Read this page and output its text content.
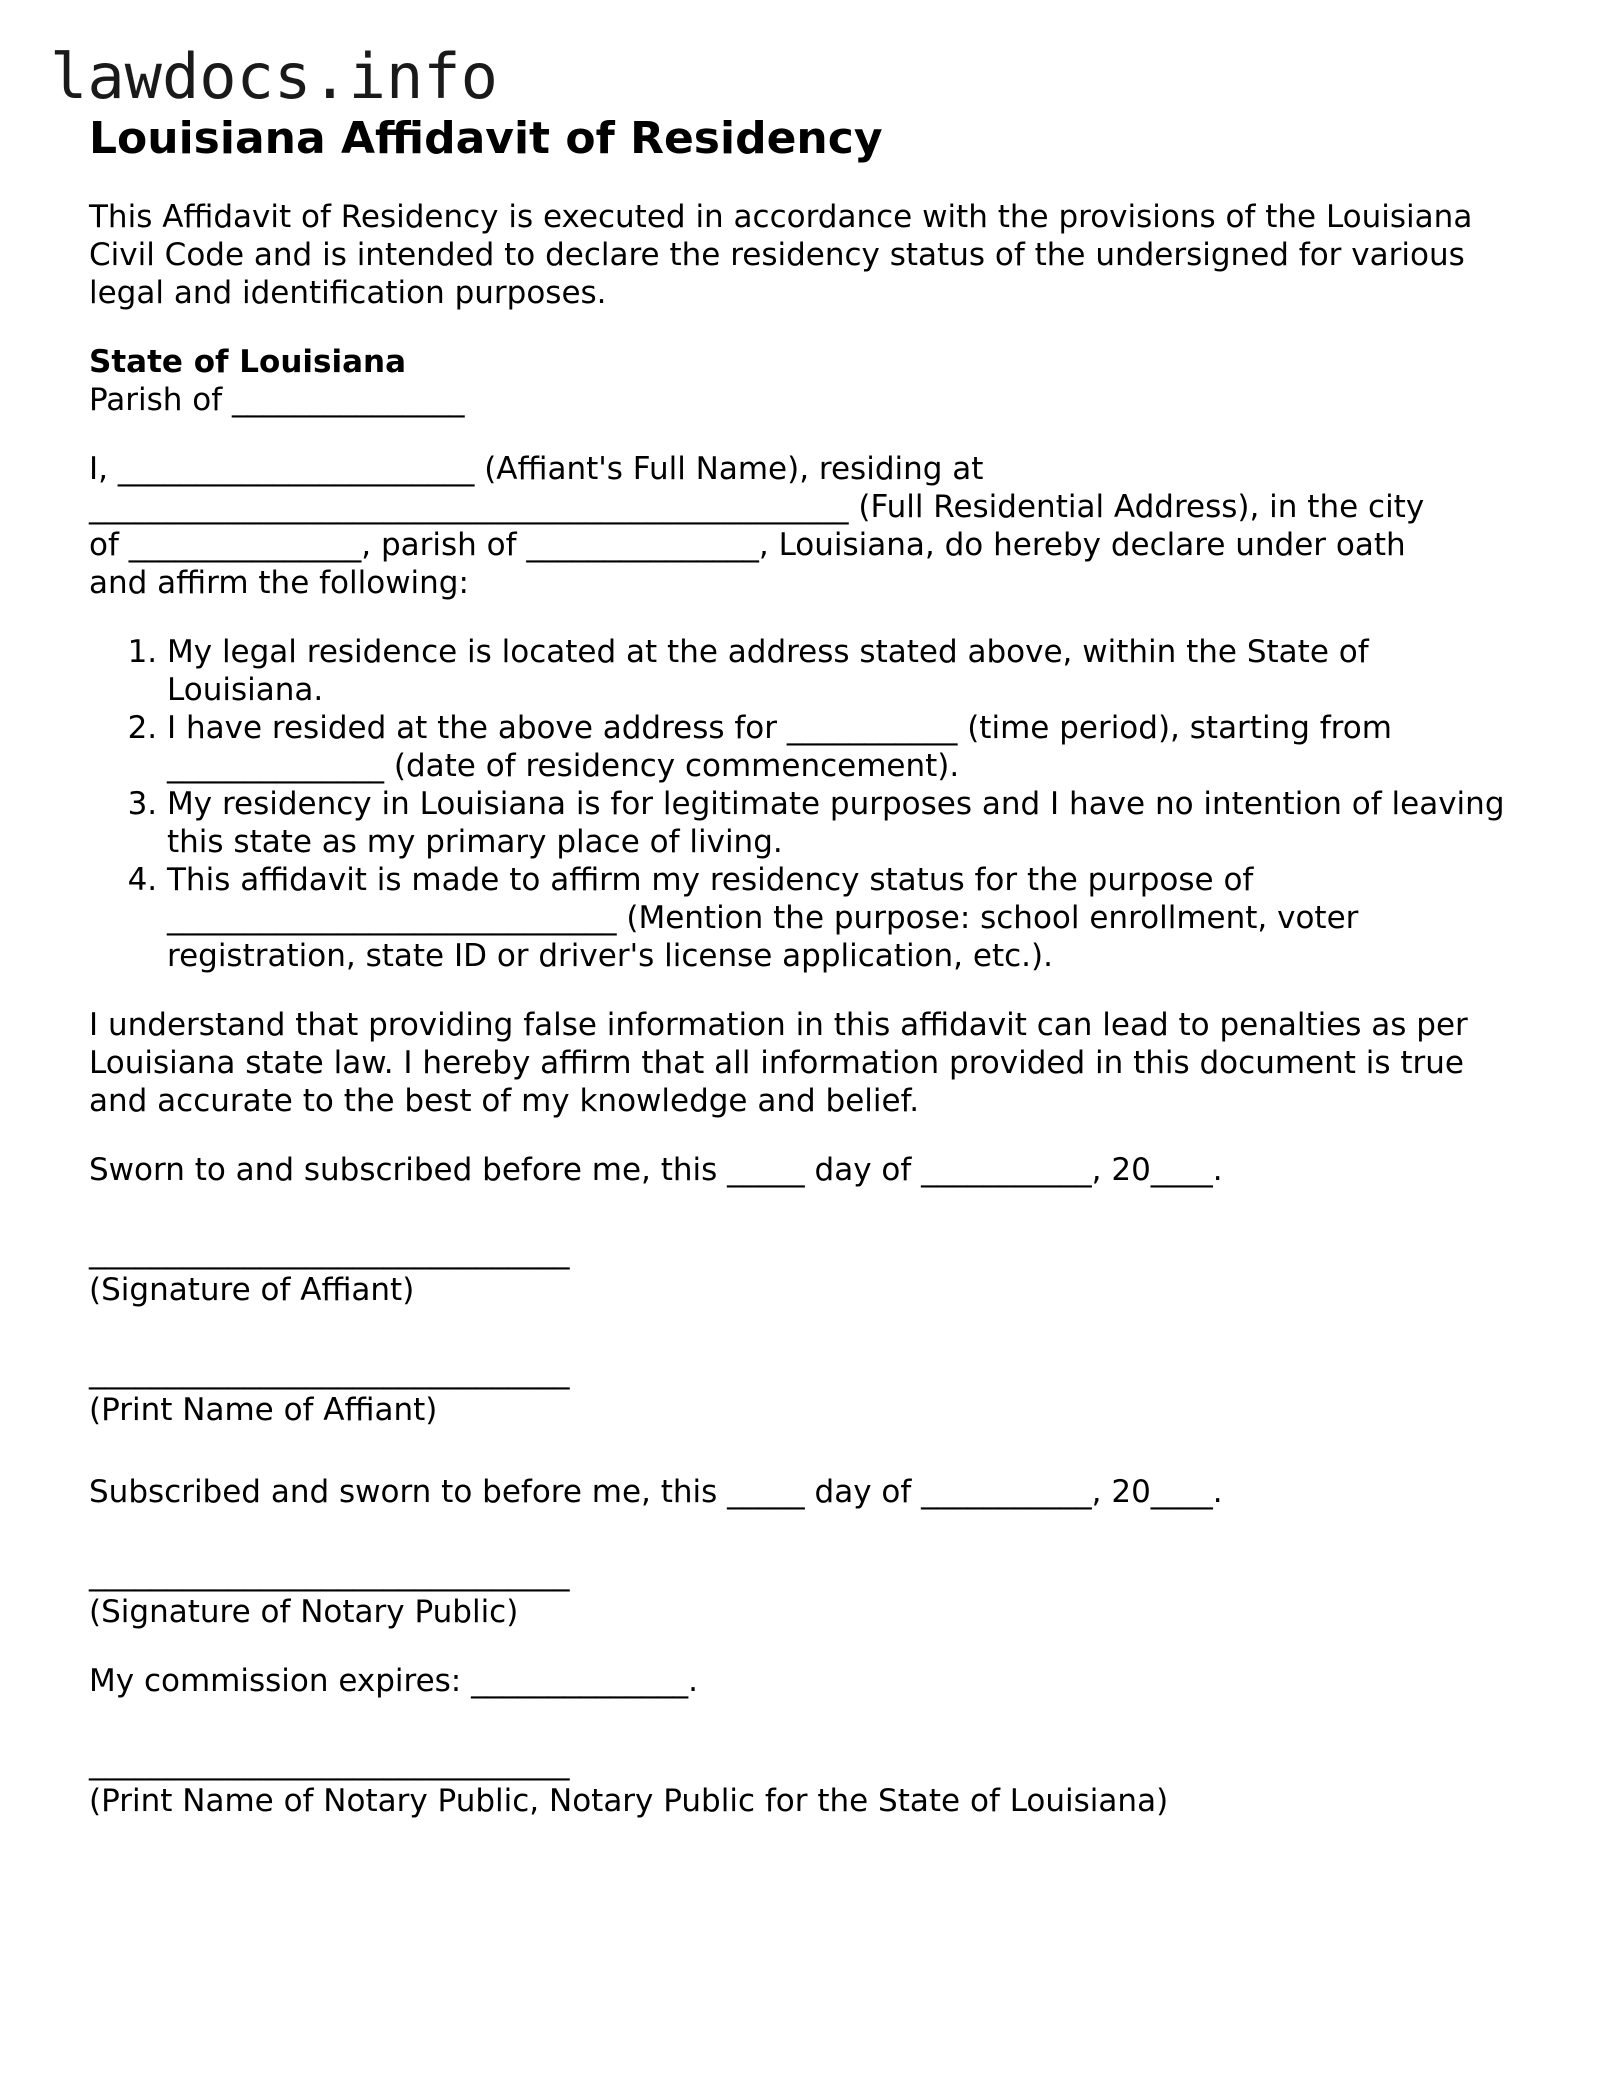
lawdocs.info
Louisiana Affidavit of Residency

This Affidavit of Residency is executed in accordance with the provisions of the Louisiana Civil Code and is intended to declare the residency status of the undersigned for various legal and identification purposes.

State of Louisiana
Parish of _______________

I, _______________________ (Affiant's Full Name), residing at
_________________________________________________ (Full Residential Address), in the city
of _______________, parish of _______________, Louisiana, do hereby declare under oath
and affirm the following:

1. My legal residence is located at the address stated above, within the State of
Louisiana.
2. I have resided at the above address for ___________ (time period), starting from
______________ (date of residency commencement).
3. My residency in Louisiana is for legitimate purposes and I have no intention of leaving
this state as my primary place of living.
4. This affidavit is made to affirm my residency status for the purpose of
_____________________________ (Mention the purpose: school enrollment, voter
registration, state ID or driver's license application, etc.).

I understand that providing false information in this affidavit can lead to penalties as per Louisiana state law. I hereby affirm that all information provided in this document is true and accurate to the best of my knowledge and belief.

Sworn to and subscribed before me, this _____ day of ___________, 20____.

_______________________________
(Signature of Affiant)
_______________________________
(Print Name of Affiant)

Subscribed and sworn to before me, this _____ day of ___________, 20____.

_______________________________
(Signature of Notary Public)

My commission expires: ______________.

_______________________________
(Print Name of Notary Public, Notary Public for the State of Louisiana)
